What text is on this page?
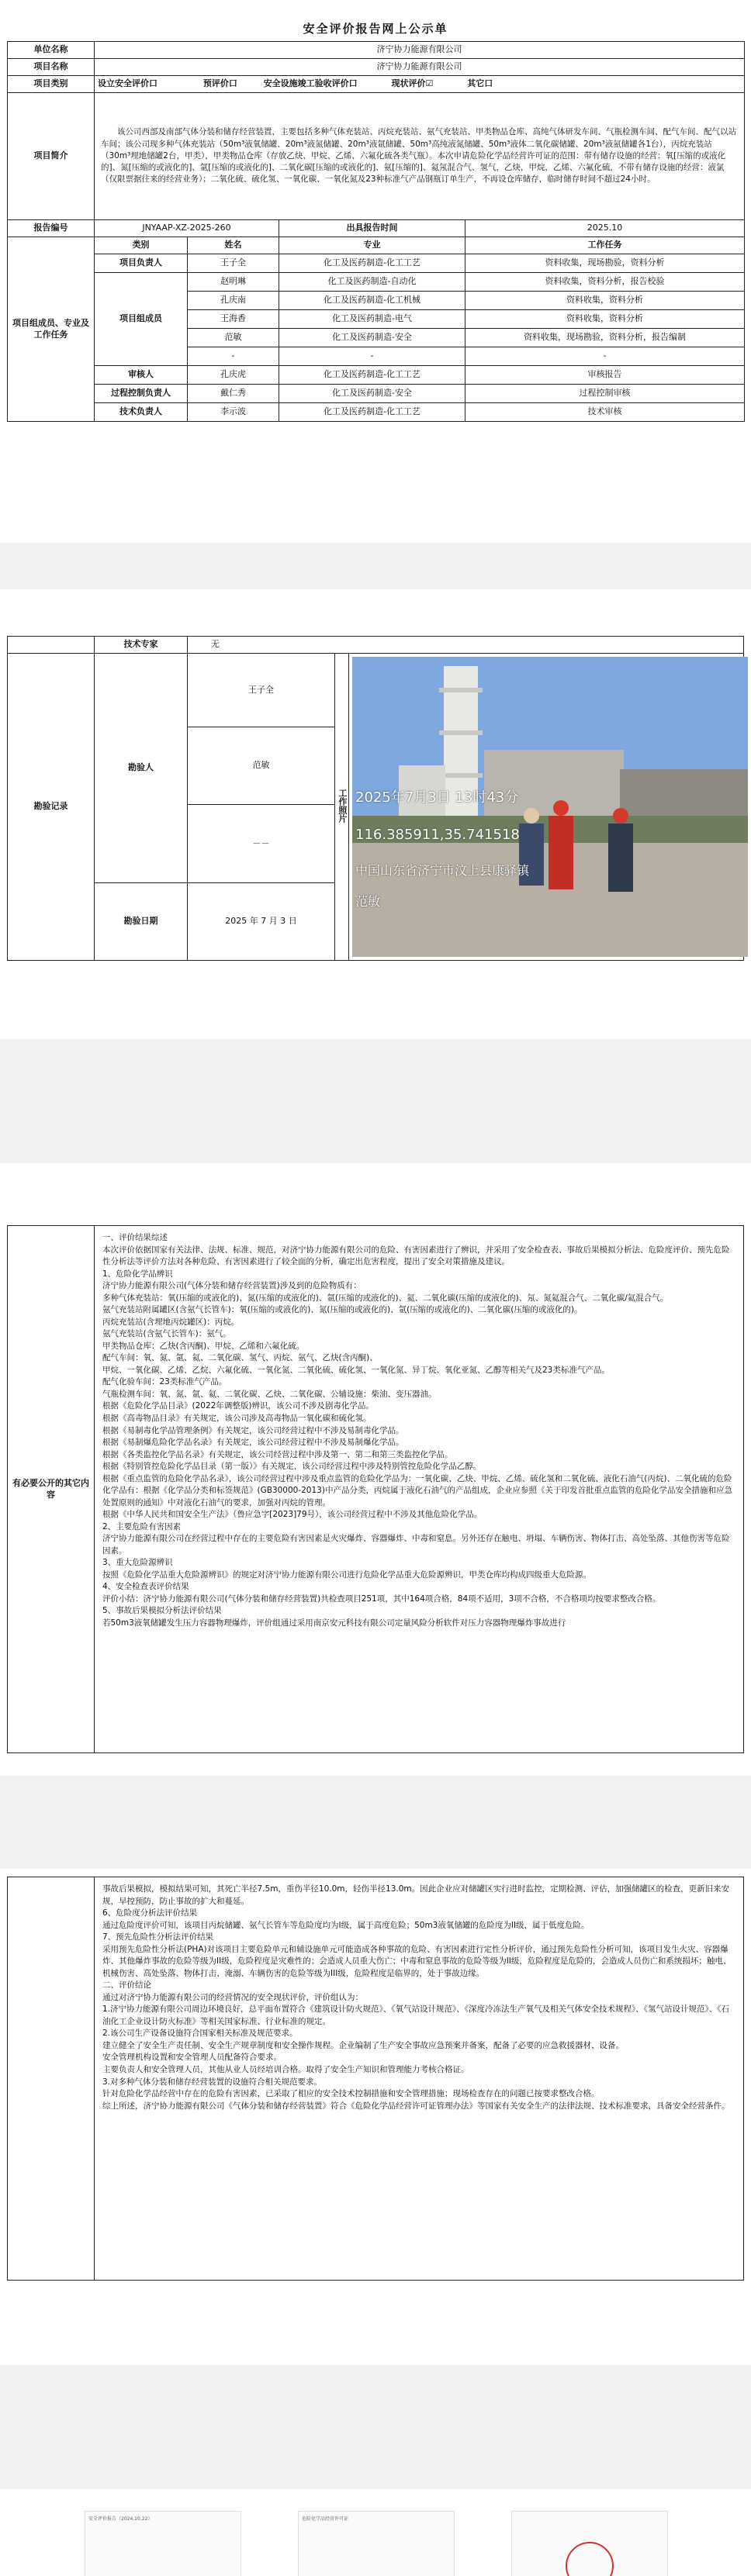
安全评价报告网上公示单
单位名称	济宁协力能源有限公司			
项目名称	济宁协力能源有限公司			
项目类别	设立安全评价口 预评价口 安全设施竣工验收评价口 现状评价☑ 其它口			
项目简介	该公司西部及南部气体分装和储存经营装置，主要包括多种气体充装站、丙烷充装站、氨气充装站、甲类物品仓库、高纯气体研发车间、气瓶检测车间、配气车间、配气以站车间；该公司现多种气体充装站（50m³液氧储罐、20m³液氮储罐、20m³液氩储罐、50m³高纯液氮储罐、50m³液体二氧化碳储罐、20m³液氨储罐各1台），丙烷充装站（30m³埋地储罐2台，甲类），甲类物品仓库（存放乙炔、甲烷、乙烯、六氟化硫各类气瓶）。本次申请危险化学品经营许可证的范围：带有储存设施的经营：氧[压缩的或液化的]、氮[压缩的或液化的]、氩[压缩的或液化的]、二氧化碳[压缩的或液化的]、氨[压缩的]、氦氖混合气、氢气，乙炔，甲烷，乙烯、六氟化硫，不带有储存设施的经营：液氯（仅限票据往来的经营业务）；二氧化硫、硫化氢、一氧化碳、一氧化氮及23种标准气产品钢瓶订单生产，不再设仓库储存，临时储存时间不超过24小时。			
报告编号	JNYAAP-XZ-2025-260		出具报告时间	2025.10
项目组成员、专业及工作任务	类别	姓名	专业	工作任务
	项目负责人	王子全	化工及医药制造-化工工艺	资料收集，现场勘验，资料分析
	项目组成员	赵明琳	化工及医药制造-自动化	资料收集，资料分析，报告校验
		孔庆南	化工及医药制造-化工机械	资料收集，资料分析
		王海香	化工及医药制造-电气	资料收集，资料分析
		范敏	化工及医药制造-安全	资料收集，现场勘验，资料分析，报告编制
		-	-	-
	审核人	孔庆虎	化工及医药制造-化工工艺	审核报告
	过程控制负责人	戴仁秀	化工及医药制造-安全	过程控制审核
	技术负责人	李示波	化工及医药制造-化工工艺	技术审核
	技术专家	无		
勘验记录	勘验人	王子全	工作照片	2025年7月3日 13时43分
116.385911,35.741518
中国山东省济宁市汶上县康驿镇
范敏

		范敏		
		－－		
	勘验日期	2025 年 7 月 3 日		
有必要公开的其它内容	
一、评价结果综述
本次评价依据国家有关法律、法规、标准、规范，对济宁协力能源有限公司的危险、有害因素进行了辨识，并采用了安全检查表、事故后果模拟分析法、危险度评价、预先危险性分析法等评价方法对各种危险、有害因素进行了较全面的分析，确定出危害程度，提出了安全对策措施及建议。
1、危险化学品辨识
济宁协力能源有限公司(气体分装和储存经营装置)涉及到的危险物质有：
多种气体充装站：氧(压缩的或液化的)、氮(压缩的或液化的)、氩(压缩的或液化的)、氦、二氧化碳(压缩的或液化的)、氖、氮氦混合气、二氧化碳/氦混合气。
氨气充装站附属罐区(含氨气长管车)：氧(压缩的或液化的)、氮(压缩的或液化的)、氩(压缩的或液化的)、二氧化碳(压缩的或液化的)。
丙烷充装站(含埋地丙烷罐区)：丙烷。
氨气充装站(含氨气长管车)：氨气。
甲类物品仓库：乙炔(含丙酮)、甲烷、乙烯和六氟化硫。
配气车间：氧、氮、氩、氦、二氧化碳、氢气、丙烷、氨气、乙炔(含丙酮)、
甲烷、一氧化碳、乙烯、乙烷、六氟化硫、一氧化氮、二氧化硫、硫化氢、一氧化氮、异丁烷、氧化亚氮、乙醇等相关气及23类标准气产品。
配气化验车间：23类标准气产品。
气瓶检测车间：氧、氮、氩、氦、二氧化碳、乙炔、二氧化碳、公辅设施：柴油、变压器油。
根据《危险化学品目录》(2022年调整版)辨识，该公司不涉及剧毒化学品。
根据《高毒物品目录》有关规定，该公司涉及高毒物品一氧化碳和硫化氢。
根据《易制毒化学品管理条例》有关规定，该公司经营过程中不涉及易制毒化学品。
根据《易制爆危险化学品名录》有关规定，该公司经营过程中不涉及易制爆化学品。
根据《各类监控化学品名录》有关规定，该公司经营过程中涉及第一、第二和第三类监控化学品。
根据《特别管控危险化学品目录（第一版）》有关规定，该公司经营过程中涉及特别管控危险化学品乙醇。
根据《重点监管的危险化学品名录》，该公司经营过程中涉及重点监管的危险化学品为：一氧化碳、乙炔、甲烷、乙烯、硫化氢和二氧化硫、液化石油气(丙烷)、二氧化硫的危险化学品有：根据《化学品分类和标签规范》(GB30000-2013)中产品分类，丙烷属于液化石油气的产品组成，企业应参照《关于印发首批重点监管的危险化学品安全措施和应急处置原则的通知》中对液化石油气的要求，加强对丙烷的管理。
根据《中华人民共和国安全生产法》（鲁应急字[2023]79号），该公司经营过程中不涉及其他危险化学品。
2、主要危险有害因素
济宁协力能源有限公司在经营过程中存在的主要危险有害因素是火灾爆炸、容器爆炸、中毒和窒息。另外还存在触电、坍塌、车辆伤害、物体打击、高处坠落、其他伤害等危险因素。
3、重大危险源辨识
按照《危险化学品重大危险源辨识》的规定对济宁协力能源有限公司进行危险化学品重大危险源辨识，甲类仓库均构成四级重大危险源。
4、安全检查表评价结果
评价小结：济宁协力能源有限公司(气体分装和储存经营装置)共检查项目251项，其中164项合格，84项不适用，3项不合格，不合格项均按要求整改合格。
5、事故后果模拟分析法评价结果
若50m3液氧储罐发生压力容器物理爆炸，评价组通过采用南京安元科技有限公司定量风险分析软件对压力容器物理爆炸事故进行

事故后果模拟，模拟结果可知，其死亡半径7.5m，重伤半径10.0m，轻伤半径13.0m。因此企业应对储罐区实行进时监控，定期检测、评估，加强储罐区的检查，更新旧来安规，早控预防，防止事故的扩大和蔓延。
6、危险度分析法评价结果
通过危险度评价可知，该项目丙烷储罐、氨气长管车等危险度均为I级，属于高度危险；50m3液氧储罐的危险度为II级，属于低度危险。
7、预先危险性分析法评价结果
采用预先危险性分析法(PHA)对该项目主要危险单元和辅设施单元可能造成各种事故的危险、有害因素进行定性分析评价，通过预先危险性分析可知，该项目发生火灾、容器爆炸、其他爆炸事故的危险等级为II级，危险程度是灾难性的；会造成人员重大伤亡；中毒和窒息事故的危险等级为II级，危险程度是危险的，会造成人员伤亡和系统损坏；触电、机械伤害、高处坠落、物体打击、淹溺、车辆伤害的危险等级为III级，危险程度是临界的，处于事故边缘。
二、评价结论
通过对济宁协力能源有限公司的经营情况的安全现状评价，评价组认为：
1.济宁协力能源有限公司周边环境良好，总平面布置符合《建筑设计防火规范》、《氧气站设计规范》、《深度冷冻法生产氧气及相关气体安全技术规程》、《氢气站设计规范》、《石油化工企业设计防火标准》等相关国家标准、行业标准的规定。
2.该公司生产设备设施符合国家相关标准及规范要求。
建立健全了安全生产责任制、安全生产规章制度和安全操作规程。企业编制了生产安全事故应急预案并备案，配备了必要的应急救援器材、设备。
安全管理机构设置和安全管理人员配备符合要求。
主要负责人和安全管理人员，其他从业人员经培训合格。取得了安全生产知识和管理能力考核合格证。
3.对多种气体分装和储存经营装置的设施符合相关规范要求。
针对危险化学品经营中存在的危险有害因素，已采取了相应的安全技术控制措施和安全管理措施；现场检查存在的问题已按要求整改合格。
综上所述，济宁协力能源有限公司《气体分装和储存经营装置》符合《危险化学品经营许可证管理办法》等国家有关安全生产的法律法规、技术标准要求，具备安全经营条件。
安全评价报告（2024.10.22）	危险化学品经营许可证
